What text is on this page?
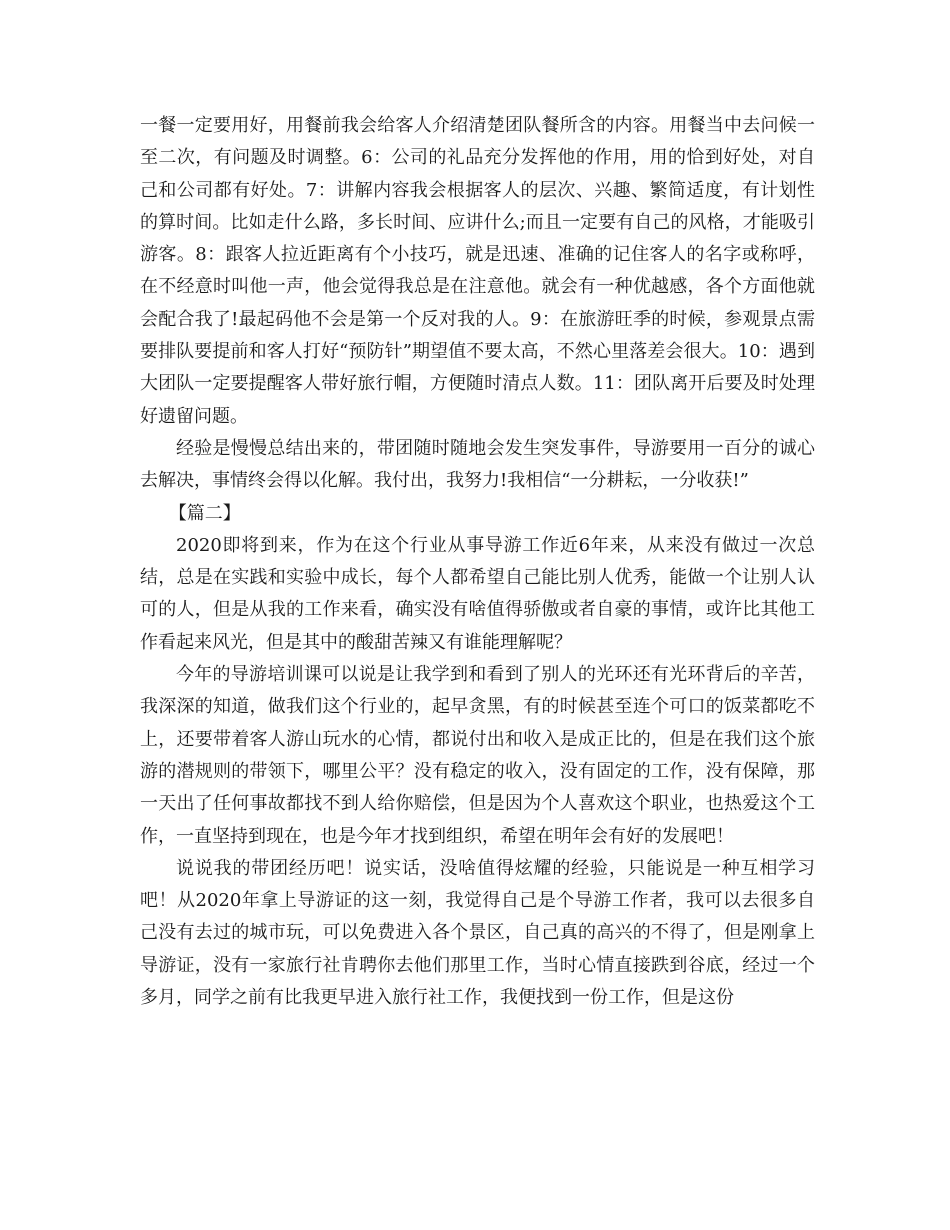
一餐一定要用好，用餐前我会给客人介绍清楚团队餐所含的内容。用餐当中去问候一至二次，有问题及时调整。6：公司的礼品充分发挥他的作用，用的恰到好处，对自己和公司都有好处。7：讲解内容我会根据客人的层次、兴趣、繁简适度，有计划性的算时间。比如走什么路，多长时间、应讲什么;而且一定要有自己的风格，才能吸引游客。8：跟客人拉近距离有个小技巧，就是迅速、准确的记住客人的名字或称呼，在不经意时叫他一声，他会觉得我总是在注意他。就会有一种优越感，各个方面他就会配合我了!最起码他不会是第一个反对我的人。9：在旅游旺季的时候，参观景点需要排队要提前和客人打好“预防针”期望值不要太高，不然心里落差会很大。10：遇到大团队一定要提醒客人带好旅行帽，方便随时清点人数。11：团队离开后要及时处理好遗留问题。

经验是慢慢总结出来的，带团随时随地会发生突发事件，导游要用一百分的诚心去解决，事情终会得以化解。我付出，我努力!我相信“一分耕耘，一分收获!”

【篇二】

2020即将到来，作为在这个行业从事导游工作近6年来，从来没有做过一次总结，总是在实践和实验中成长，每个人都希望自己能比别人优秀，能做一个让别人认可的人，但是从我的工作来看，确实没有啥值得骄傲或者自豪的事情，或许比其他工作看起来风光，但是其中的酸甜苦辣又有谁能理解呢？

今年的导游培训课可以说是让我学到和看到了别人的光环还有光环背后的辛苦，我深深的知道，做我们这个行业的，起早贪黑，有的时候甚至连个可口的饭菜都吃不上，还要带着客人游山玩水的心情，都说付出和收入是成正比的，但是在我们这个旅游的潜规则的带领下，哪里公平？没有稳定的收入，没有固定的工作，没有保障，那一天出了任何事故都找不到人给你赔偿，但是因为个人喜欢这个职业，也热爱这个工作，一直坚持到现在，也是今年才找到组织，希望在明年会有好的发展吧！

说说我的带团经历吧！说实话，没啥值得炫耀的经验，只能说是一种互相学习吧！从2020年拿上导游证的这一刻，我觉得自己是个导游工作者，我可以去很多自己没有去过的城市玩，可以免费进入各个景区，自己真的高兴的不得了，但是刚拿上导游证，没有一家旅行社肯聘你去他们那里工作，当时心情直接跌到谷底，经过一个多月，同学之前有比我更早进入旅行社工作，我便找到一份工作，但是这份
